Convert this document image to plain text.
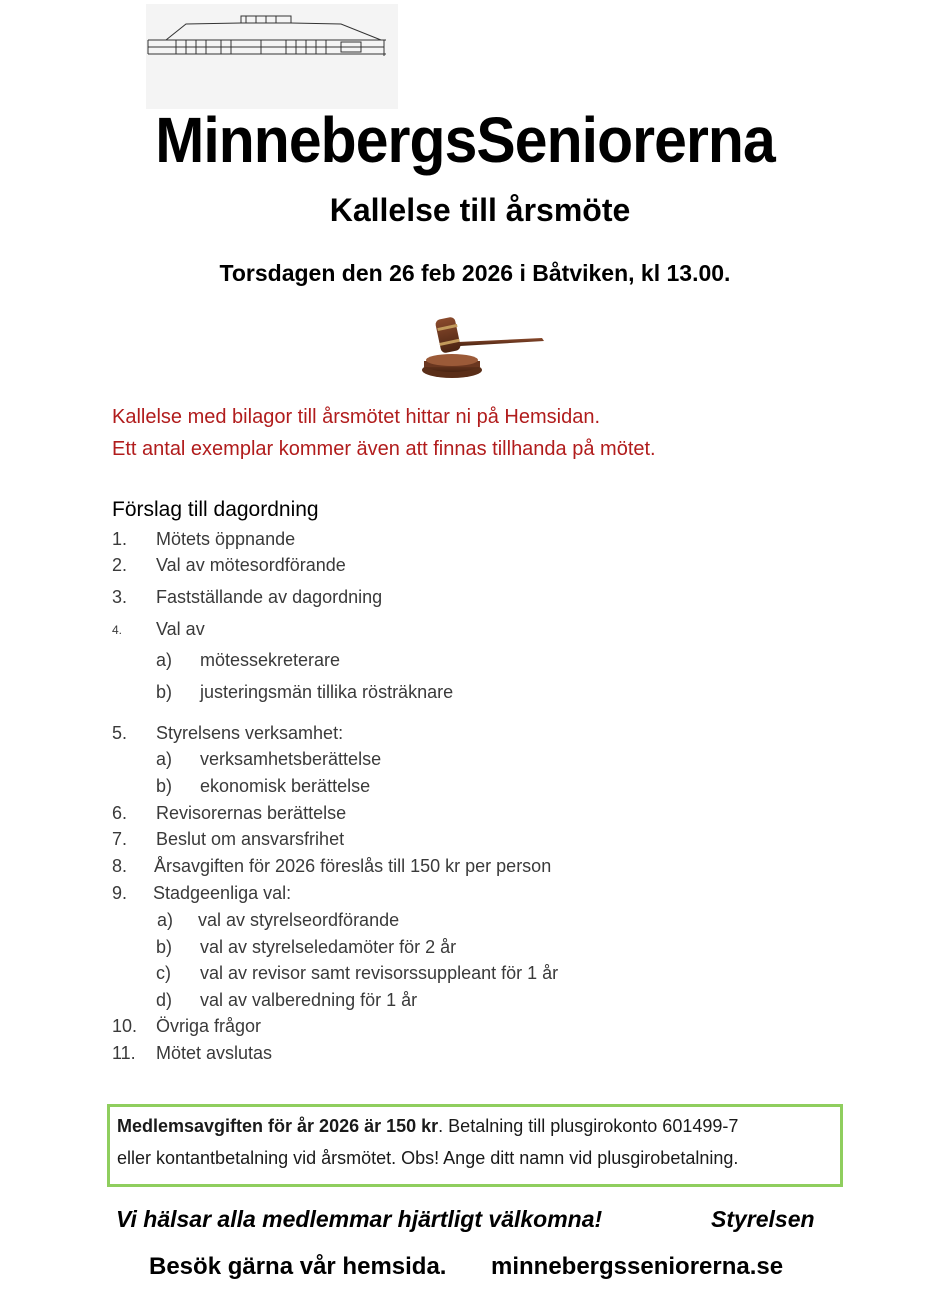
MinnebergsSeniorerna
Kallelse till årsmöte
Torsdagen den 26 feb 2026 i Båtviken, kl 13.00.
Kallelse med bilagor till årsmötet hittar ni på Hemsidan.
Ett antal exemplar kommer även att finnas tillhanda på mötet.
Förslag till dagordning
1. Mötets öppnande
2. Val av mötesordförande
3. Fastställande av dagordning
4. Val av
a) mötessekreterare
b) justeringsmän tillika rösträknare
5. Styrelsens verksamhet:
a) verksamhetsberättelse
b) ekonomisk berättelse
6. Revisorernas berättelse
7. Beslut om ansvarsfrihet
8. Årsavgiften för 2026 föreslås till 150 kr per person
9. Stadgeenliga val:
a) val av styrelseordförande
b) val av styrelseledamöter för 2 år
c) val av revisor samt revisorssuppleant för 1 år
d) val av valberedning för 1 år
10. Övriga frågor
11. Mötet avslutas
Medlemsavgiften för år 2026 är 150 kr. Betalning till plusgirokonto 601499-7
eller kontantbetalning vid årsmötet. Obs! Ange ditt namn vid plusgirobetalning.
Vi hälsar alla medlemmar hjärtligt välkomna!	Styrelsen
Besök gärna vår hemsida. minnebergsseniorerna.se
